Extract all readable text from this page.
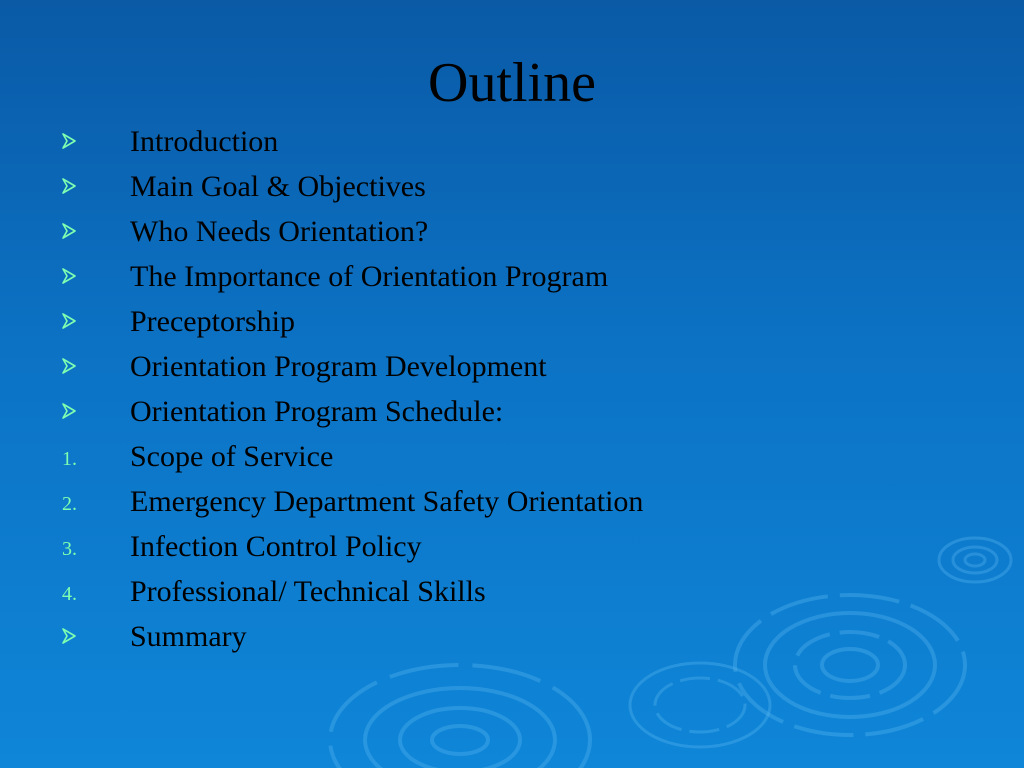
Outline
Introduction
Main Goal & Objectives
Who Needs Orientation?
The Importance of Orientation Program
Preceptorship
Orientation Program Development
Orientation Program Schedule:
1.	Scope of Service
2.	Emergency Department Safety Orientation
3.	Infection Control Policy
4.	Professional/ Technical Skills
Summary
